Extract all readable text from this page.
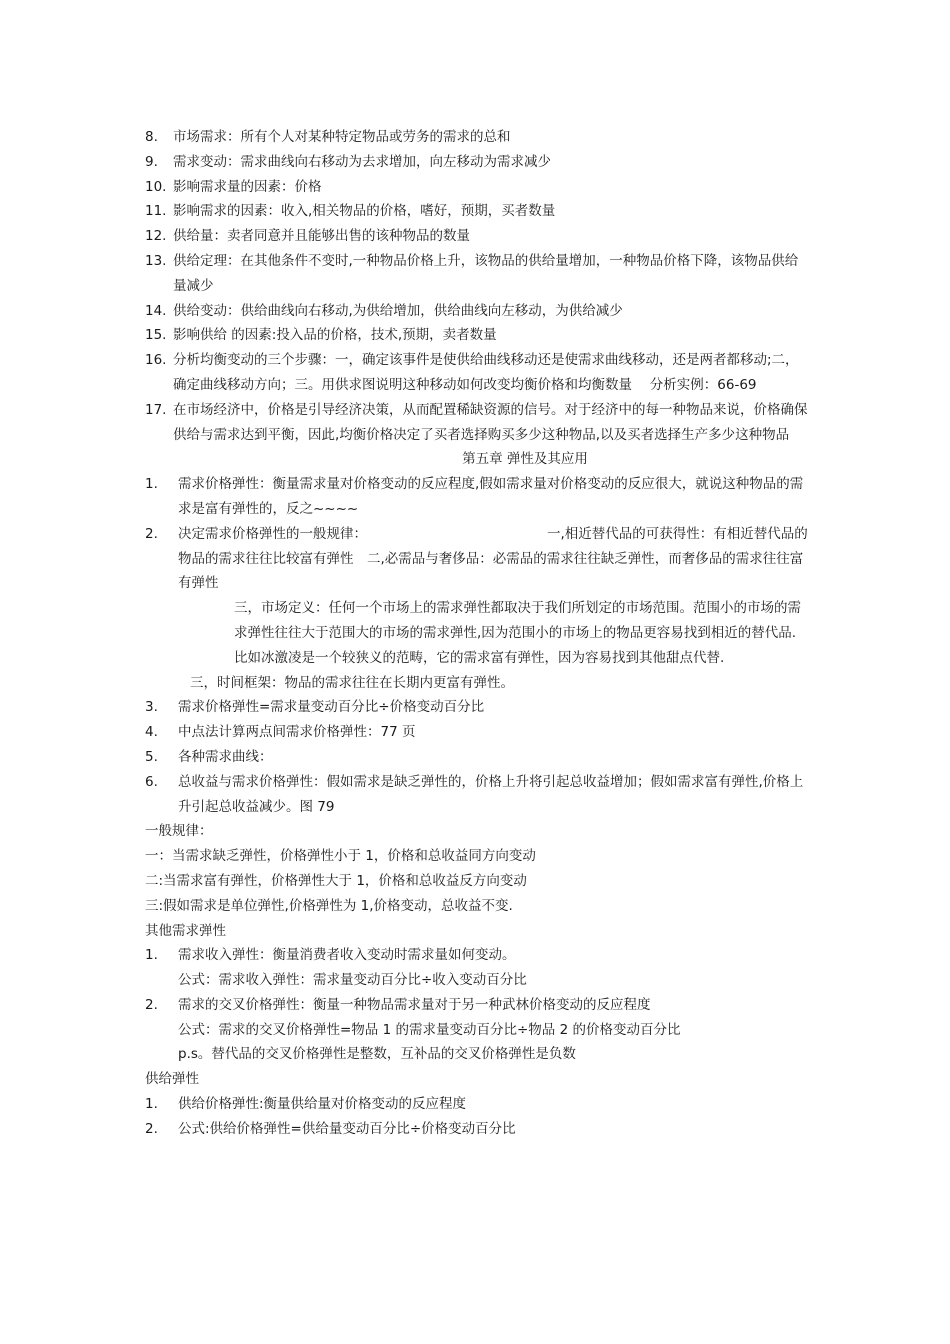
8. 市场需求：所有个人对某种特定物品或劳务的需求的总和
9. 需求变动：需求曲线向右移动为去求增加，向左移动为需求减少
10. 影响需求量的因素：价格
11. 影响需求的因素：收入,相关物品的价格，嗜好，预期，买者数量
12. 供给量：卖者同意并且能够出售的该种物品的数量
13. 供给定理：在其他条件不变时,一种物品价格上升，该物品的供给量增加，一种物品价格下降，该物品供给量减少
14. 供给变动：供给曲线向右移动,为供给增加，供给曲线向左移动，为供给减少
15. 影响供给 的因素:投入品的价格，技术,预期，卖者数量
16. 分析均衡变动的三个步骤：一，确定该事件是使供给曲线移动还是使需求曲线移动，还是两者都移动;二，确定曲线移动方向；三。用供求图说明这种移动如何改变均衡价格和均衡数量　 分析实例：66-69
17. 在市场经济中，价格是引导经济决策，从而配置稀缺资源的信号。对于经济中的每一种物品来说，价格确保供给与需求达到平衡，因此,均衡价格决定了买者选择购买多少这种物品,以及买者选择生产多少这种物品
第五章 弹性及其应用
1. 需求价格弹性：衡量需求量对价格变动的反应程度,假如需求量对价格变动的反应很大，就说这种物品的需求是富有弹性的，反之~~~~
2. 决定需求价格弹性的一般规律：	一,相近替代品的可获得性：有相近替代品的物品的需求往往比较富有弹性　二,必需品与奢侈品：必需品的需求往往缺乏弹性，而奢侈品的需求往往富有弹性
三，市场定义：任何一个市场上的需求弹性都取决于我们所划定的市场范围。范围小的市场的需求弹性往往大于范围大的市场的需求弹性,因为范围小的市场上的物品更容易找到相近的替代品.比如冰激凌是一个较狭义的范畴，它的需求富有弹性，因为容易找到其他甜点代替.
三，时间框架：物品的需求往往在长期内更富有弹性。
3. 需求价格弹性=需求量变动百分比÷价格变动百分比
4. 中点法计算两点间需求价格弹性：77 页
5. 各种需求曲线：
6. 总收益与需求价格弹性：假如需求是缺乏弹性的，价格上升将引起总收益增加；假如需求富有弹性,价格上升引起总收益减少。图 79
一般规律：
一：当需求缺乏弹性，价格弹性小于 1，价格和总收益同方向变动
二:当需求富有弹性，价格弹性大于 1，价格和总收益反方向变动
三:假如需求是单位弹性,价格弹性为 1,价格变动，总收益不变.
其他需求弹性
1. 需求收入弹性：衡量消费者收入变动时需求量如何变动。
公式：需求收入弹性：需求量变动百分比÷收入变动百分比
2. 需求的交叉价格弹性：衡量一种物品需求量对于另一种武林价格变动的反应程度
公式：需求的交叉价格弹性=物品 1 的需求量变动百分比÷物品 2 的价格变动百分比
p.s。替代品的交叉价格弹性是整数，互补品的交叉价格弹性是负数
供给弹性
1. 供给价格弹性:衡量供给量对价格变动的反应程度
2. 公式:供给价格弹性=供给量变动百分比÷价格变动百分比
